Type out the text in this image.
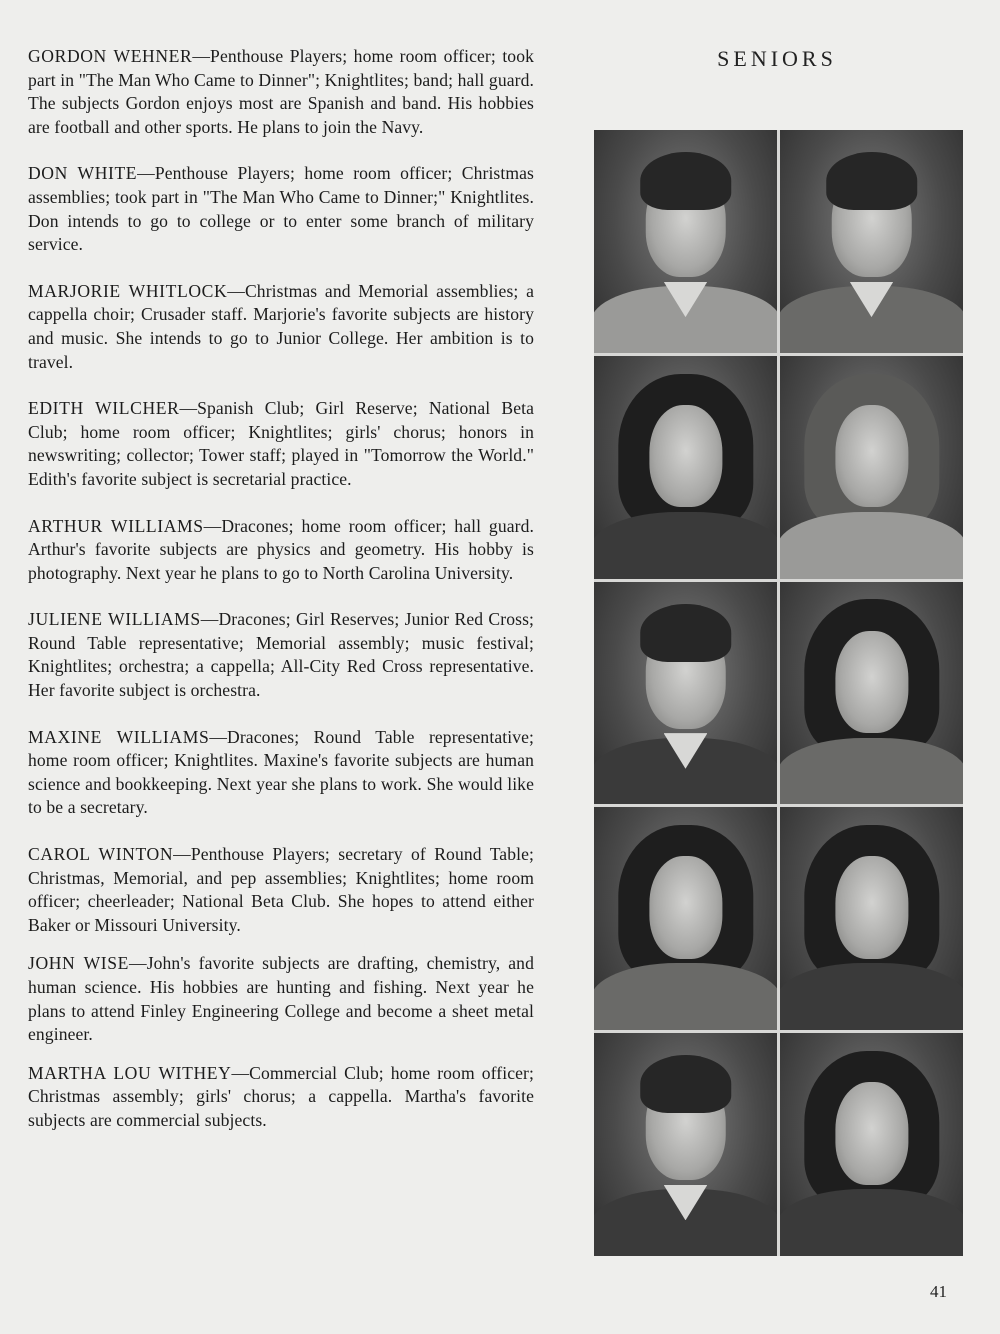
SENIORS

GORDON WEHNER—Penthouse Players; home room officer; took part in "The Man Who Came to Dinner"; Knightlites; band; hall guard. The subjects Gordon enjoys most are Spanish and band. His hobbies are football and other sports. He plans to join the Navy.

DON WHITE—Penthouse Players; home room officer; Christmas assemblies; took part in "The Man Who Came to Dinner;" Knightlites. Don intends to go to college or to enter some branch of military service.

MARJORIE WHITLOCK—Christmas and Memorial assemblies; a cappella choir; Crusader staff. Marjorie's favorite subjects are history and music. She intends to go to Junior College. Her ambition is to travel.

EDITH WILCHER—Spanish Club; Girl Reserve; National Beta Club; home room officer; Knightlites; girls' chorus; honors in newswriting; collector; Tower staff; played in "Tomorrow the World." Edith's favorite subject is secretarial practice.

ARTHUR WILLIAMS—Dracones; home room officer; hall guard. Arthur's favorite subjects are physics and geometry. His hobby is photography. Next year he plans to go to North Carolina University.

JULIENE WILLIAMS—Dracones; Girl Reserves; Junior Red Cross; Round Table representative; Memorial assembly; music festival; Knightlites; orchestra; a cappella; All-City Red Cross representative. Her favorite subject is orchestra.

MAXINE WILLIAMS—Dracones; Round Table representative; home room officer; Knightlites. Maxine's favorite subjects are human science and bookkeeping. Next year she plans to work. She would like to be a secretary.

CAROL WINTON—Penthouse Players; secretary of Round Table; Christmas, Memorial, and pep assemblies; Knightlites; home room officer; cheerleader; National Beta Club. She hopes to attend either Baker or Missouri University.

JOHN WISE—John's favorite subjects are drafting, chemistry, and human science. His hobbies are hunting and fishing. Next year he plans to attend Finley Engineering College and become a sheet metal engineer.

MARTHA LOU WITHEY—Commercial Club; home room officer; Christmas assembly; girls' chorus; a cappella. Martha's favorite subjects are commercial subjects.

41
